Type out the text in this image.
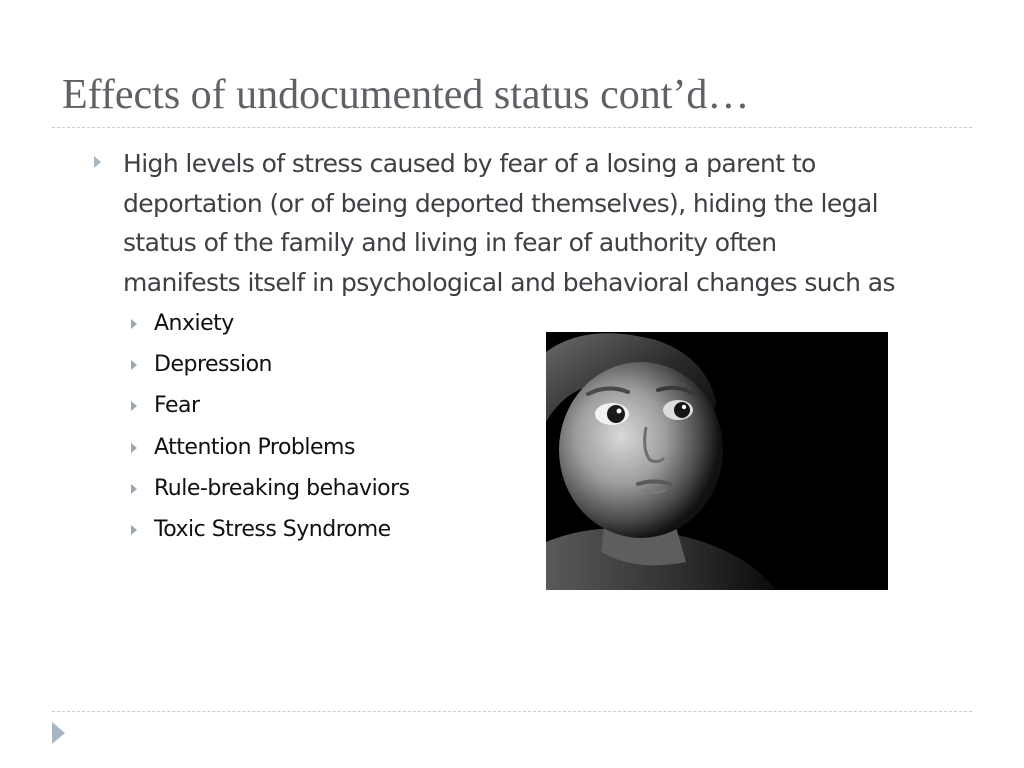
Effects of undocumented status cont’d…

High levels of stress caused by fear of a losing a parent to
deportation (or of being deported themselves), hiding the legal
status of the family and living in fear of authority often
manifests itself in psychological and behavioral changes such as

Anxiety
Depression
Fear
Attention Problems
Rule-breaking behaviors
Toxic Stress Syndrome
